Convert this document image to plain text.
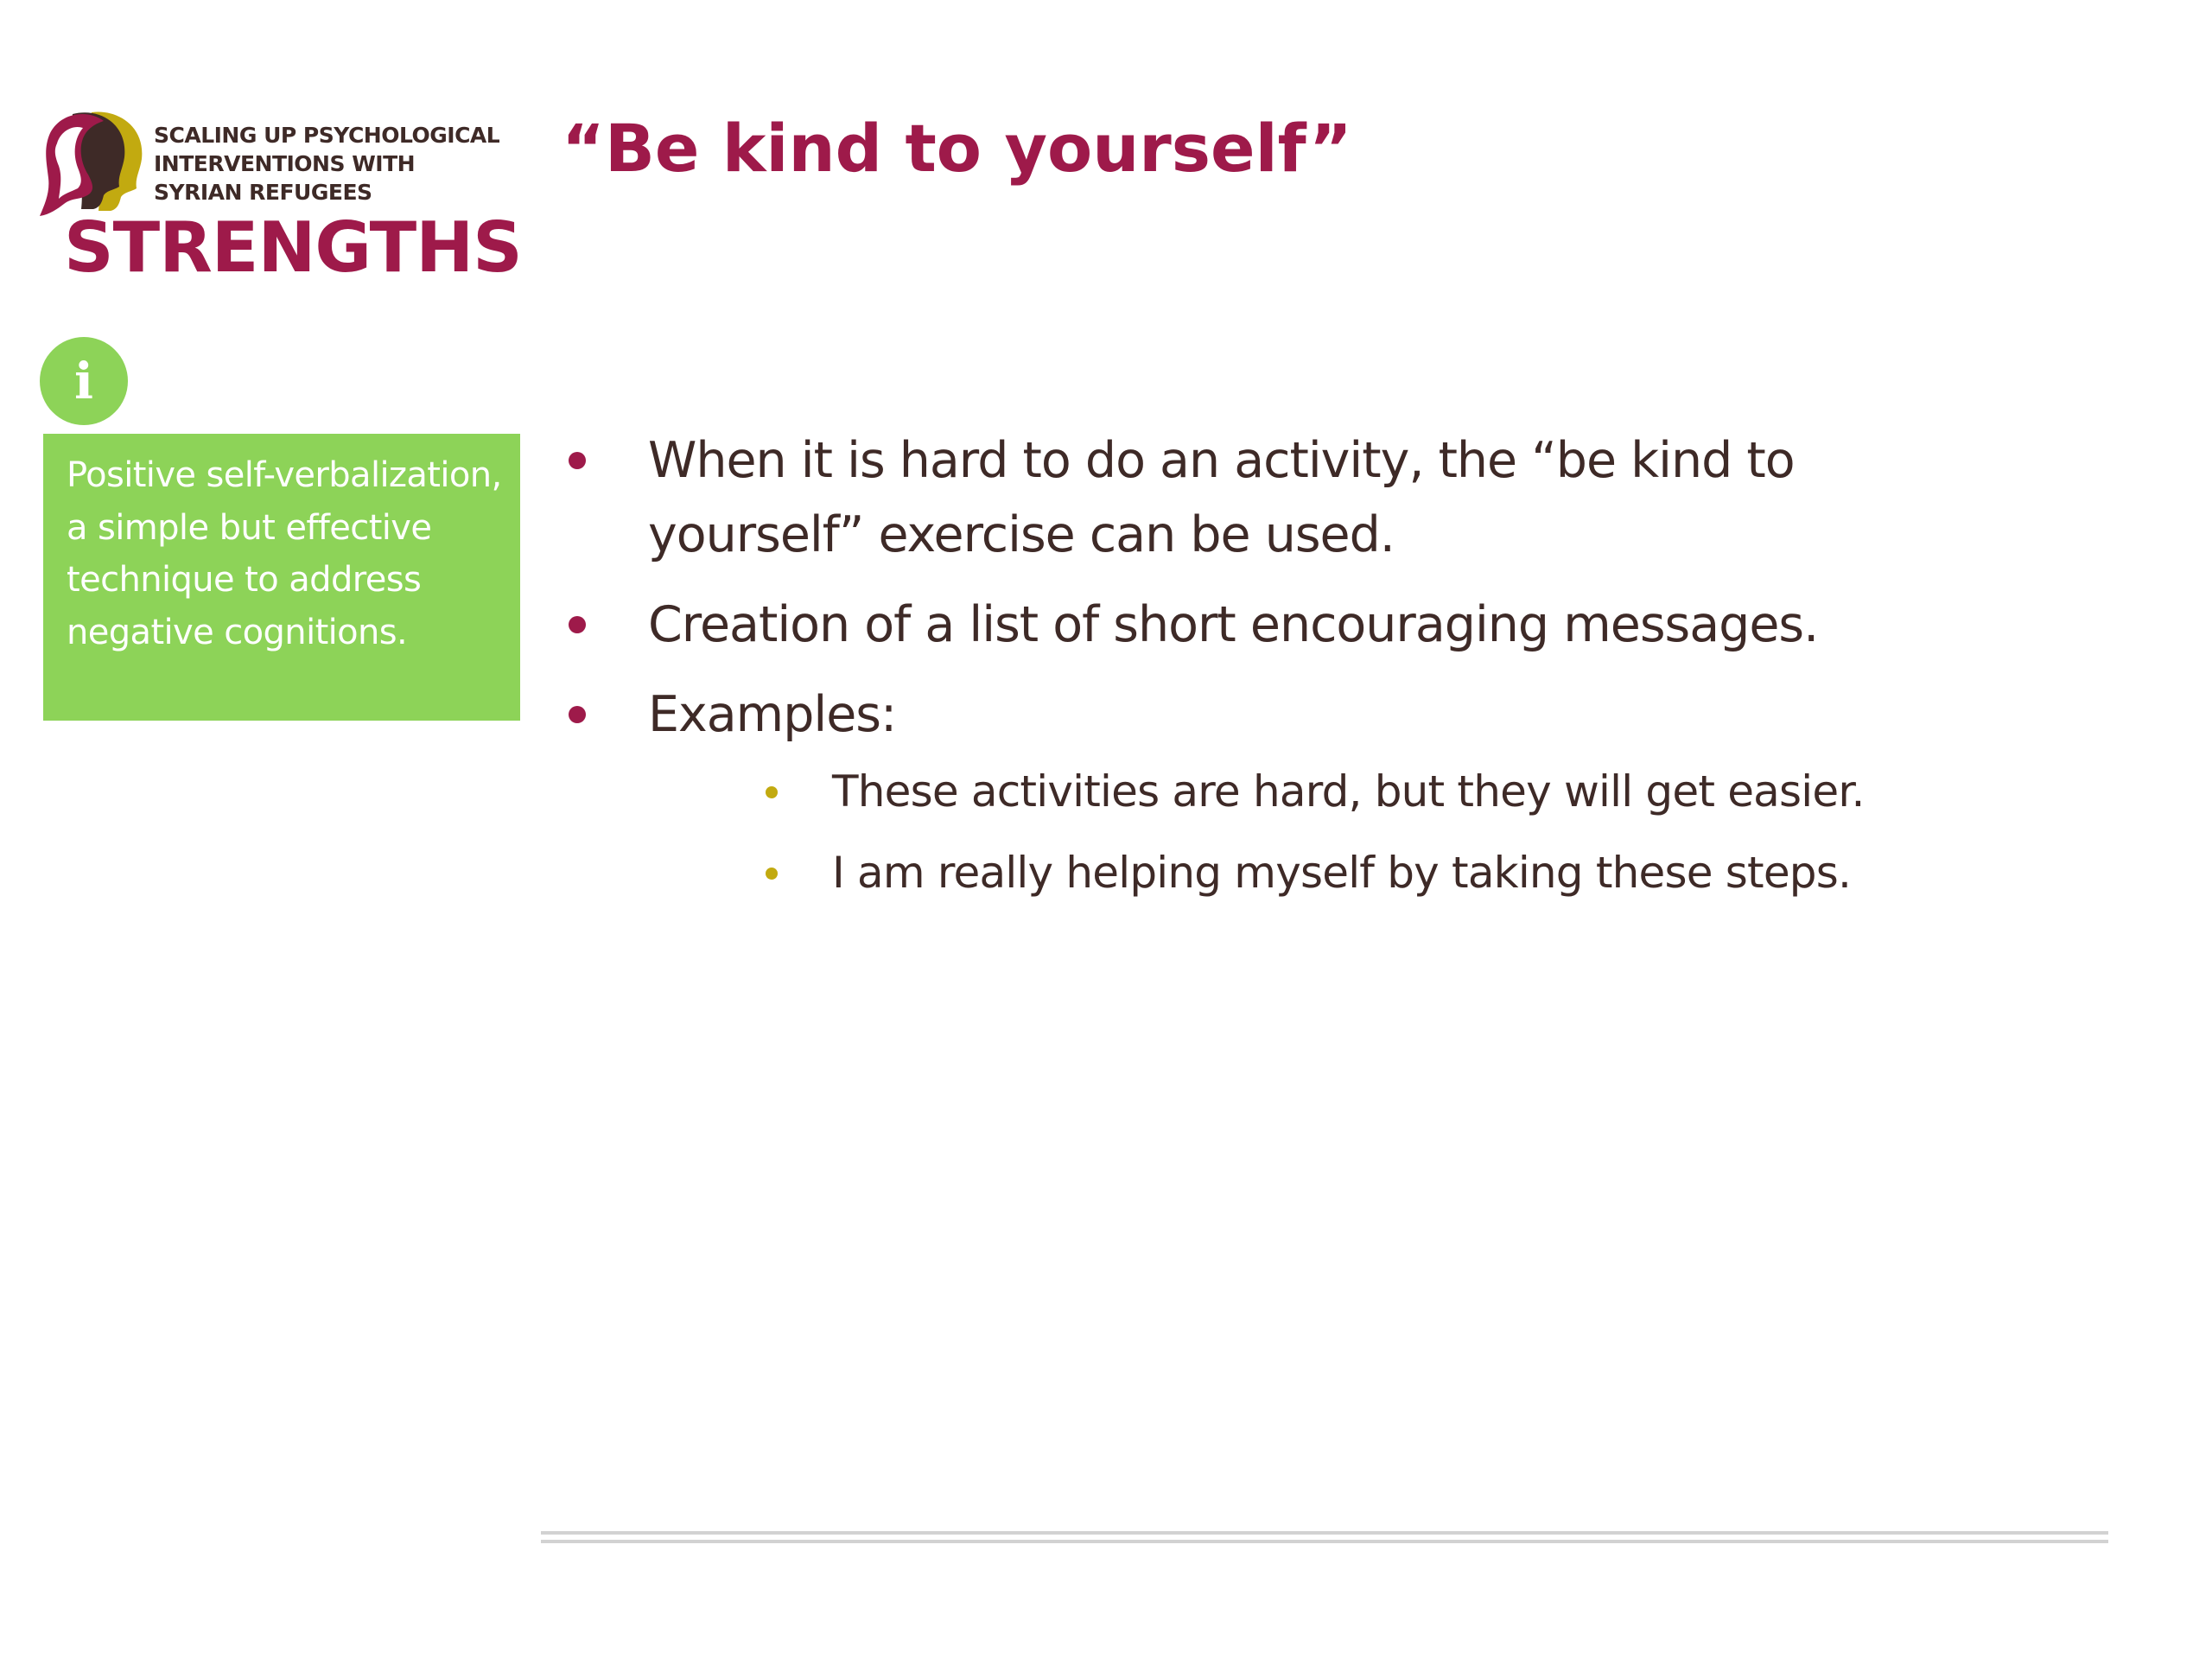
SCALING UP PSYCHOLOGICAL
INTERVENTIONS WITH
SYRIAN REFUGEES
STRENGTHS
“Be kind to yourself”
i
Positive self-verbalization, a simple but effective technique to address negative cognitions.
When it is hard to do an activity, the “be kind to yourself” exercise can be used.
Creation of a list of short encouraging messages.
Examples:
These activities are hard, but they will get easier.
I am really helping myself by taking these steps.
